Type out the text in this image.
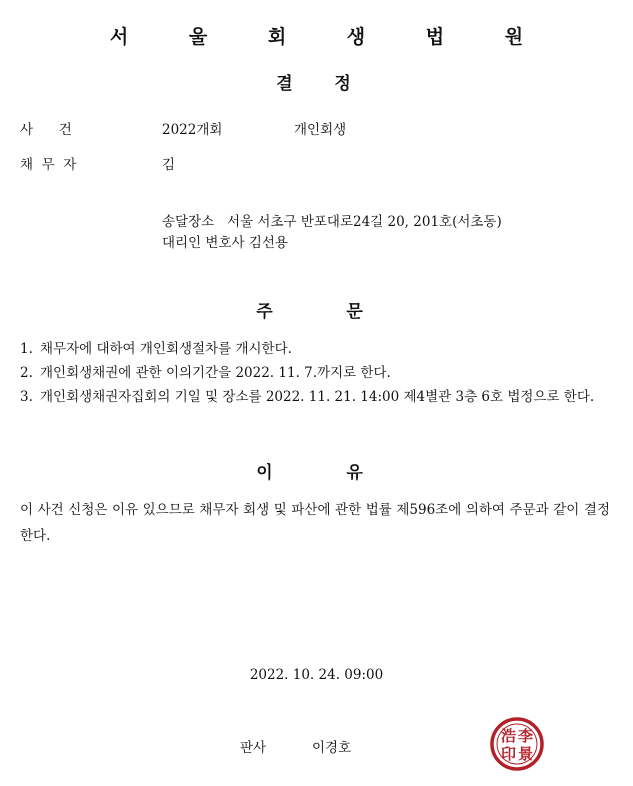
서 울 회 생 법 원
결   정
사      건	2022개회	개인회생
채  무  자	김
송달장소   서울 서초구 반포대로24길 20, 201호(서초동)
대리인 변호사 김선용
주   문
1. 채무자에 대하여 개인회생절차를 개시한다.
2. 개인회생채권에 관한 이의기간을 2022. 11. 7.까지로 한다.
3. 개인회생채권자집회의 기일 및 장소를 2022. 11. 21. 14:00 제4별관 3층 6호 법정으로 한다.
이   유
이 사건 신청은 이유 있으므로 채무자 회생 및 파산에 관한 법률 제596조에 의하여 주문과 같이 결정한다.
2022. 10. 24. 09:00
판사	이경호
李
景
浩
印
